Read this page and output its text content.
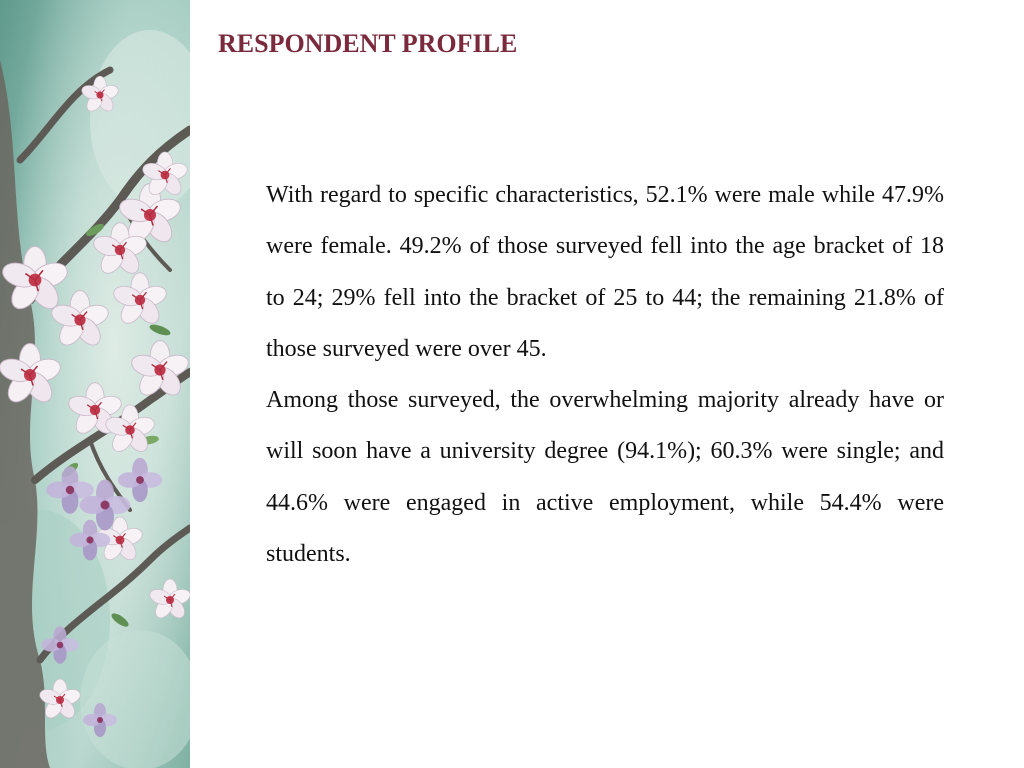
RESPONDENT PROFILE

With regard to specific characteristics, 52.1% were male while 47.9% were female. 49.2% of those surveyed fell into the age bracket of 18 to 24; 29% fell into the bracket of 25 to 44; the remaining 21.8% of those surveyed were over 45.

Among those surveyed, the overwhelming majority already have or will soon have a university degree (94.1%); 60.3% were single; and 44.6% were engaged in active employment, while 54.4% were students.
